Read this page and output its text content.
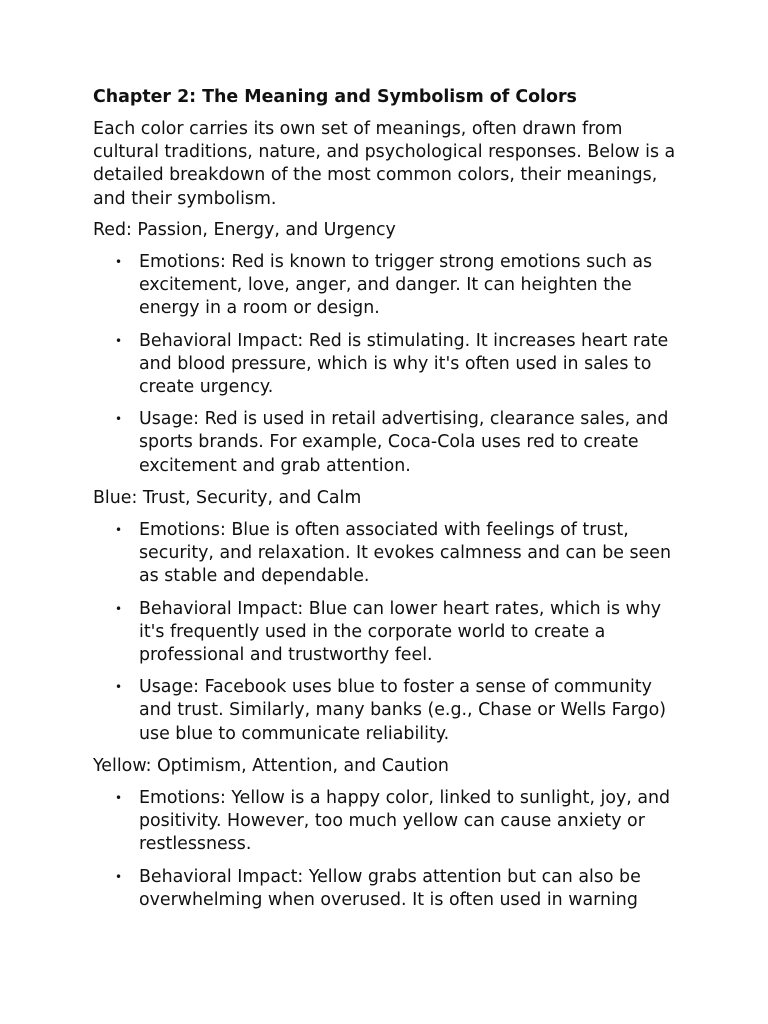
Chapter 2: The Meaning and Symbolism of Colors
Each color carries its own set of meanings, often drawn from cultural traditions, nature, and psychological responses. Below is a detailed breakdown of the most common colors, their meanings, and their symbolism.
Red: Passion, Energy, and Urgency
• Emotions: Red is known to trigger strong emotions such as excitement, love, anger, and danger. It can heighten the energy in a room or design.
• Behavioral Impact: Red is stimulating. It increases heart rate and blood pressure, which is why it's often used in sales to create urgency.
• Usage: Red is used in retail advertising, clearance sales, and sports brands. For example, Coca-Cola uses red to create excitement and grab attention.
Blue: Trust, Security, and Calm
• Emotions: Blue is often associated with feelings of trust, security, and relaxation. It evokes calmness and can be seen as stable and dependable.
• Behavioral Impact: Blue can lower heart rates, which is why it's frequently used in the corporate world to create a professional and trustworthy feel.
• Usage: Facebook uses blue to foster a sense of community and trust. Similarly, many banks (e.g., Chase or Wells Fargo) use blue to communicate reliability.
Yellow: Optimism, Attention, and Caution
• Emotions: Yellow is a happy color, linked to sunlight, joy, and positivity. However, too much yellow can cause anxiety or restlessness.
• Behavioral Impact: Yellow grabs attention but can also be overwhelming when overused. It is often used in warning
